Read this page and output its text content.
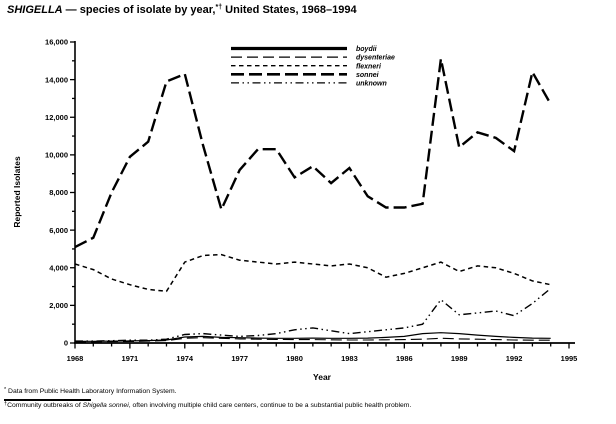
SHIGELLA — species of isolate by year,*† United States, 1968–1994
0
2,000
4,000
6,000
8,000
10,000
12,000
14,000
16,000
1968	1971	1974	1977	1980	1983	1986	1989	1992	1995
Year
Reported Isolates
boydii
dysenteriae
flexneri
sonnei
unknown
* Data from Public Health Laboratory Information System.
†Community outbreaks of Shigella sonnei, often involving multiple child care centers, continue to be a substantial public health problem.
